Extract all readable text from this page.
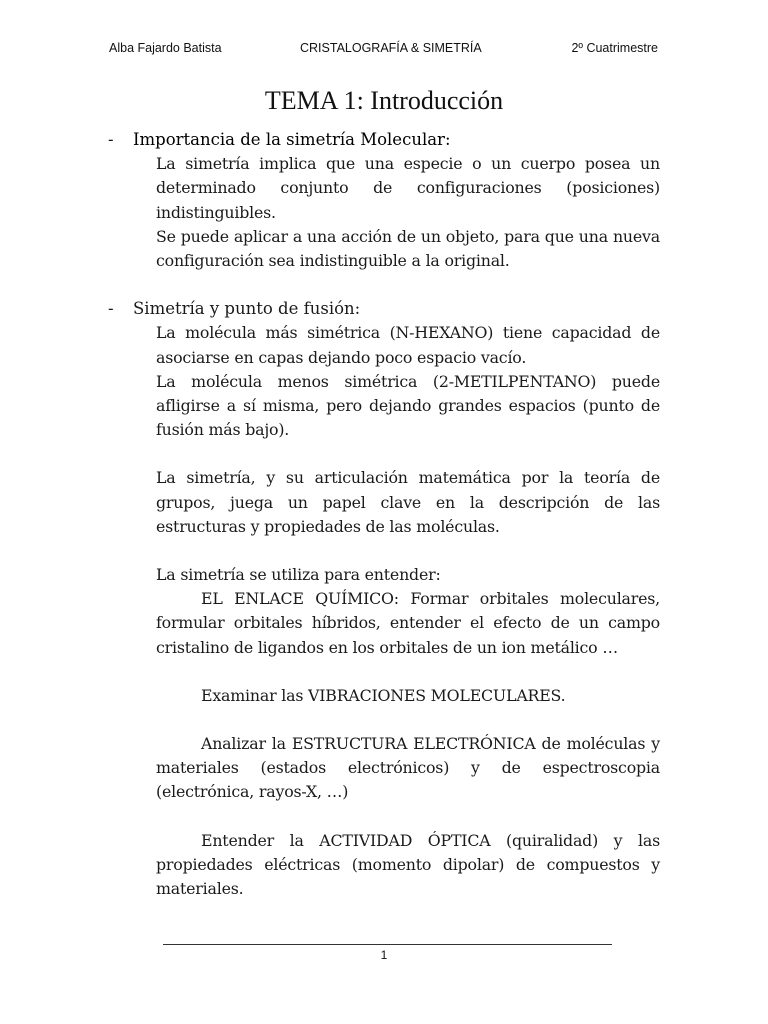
Alba Fajardo Batista	CRISTALOGRAFÍA & SIMETRÍA	2º Cuatrimestre
TEMA 1: Introducción
-	Importancia de la simetría Molecular:
La simetría implica que una especie o un cuerpo posea un determinado conjunto de configuraciones (posiciones) indistinguibles.
Se puede aplicar a una acción de un objeto, para que una nueva configuración sea indistinguible a la original.
-	Simetría y punto de fusión:
La molécula más simétrica (N-HEXANO) tiene capacidad de asociarse en capas dejando poco espacio vacío.
La molécula menos simétrica (2-METILPENTANO) puede afligirse a sí misma, pero dejando grandes espacios (punto de fusión más bajo).
La simetría, y su articulación matemática por la teoría de grupos, juega un papel clave en la descripción de las estructuras y propiedades de las moléculas.
La simetría se utiliza para entender:
EL ENLACE QUÍMICO: Formar orbitales moleculares, formular orbitales híbridos, entender el efecto de un campo cristalino de ligandos en los orbitales de un ion metálico …
Examinar las VIBRACIONES MOLECULARES.
Analizar la ESTRUCTURA ELECTRÓNICA de moléculas y materiales (estados electrónicos) y de espectroscopia (electrónica, rayos-X, …)
Entender la ACTIVIDAD ÓPTICA (quiralidad) y las propiedades eléctricas (momento dipolar) de compuestos y materiales.
1
